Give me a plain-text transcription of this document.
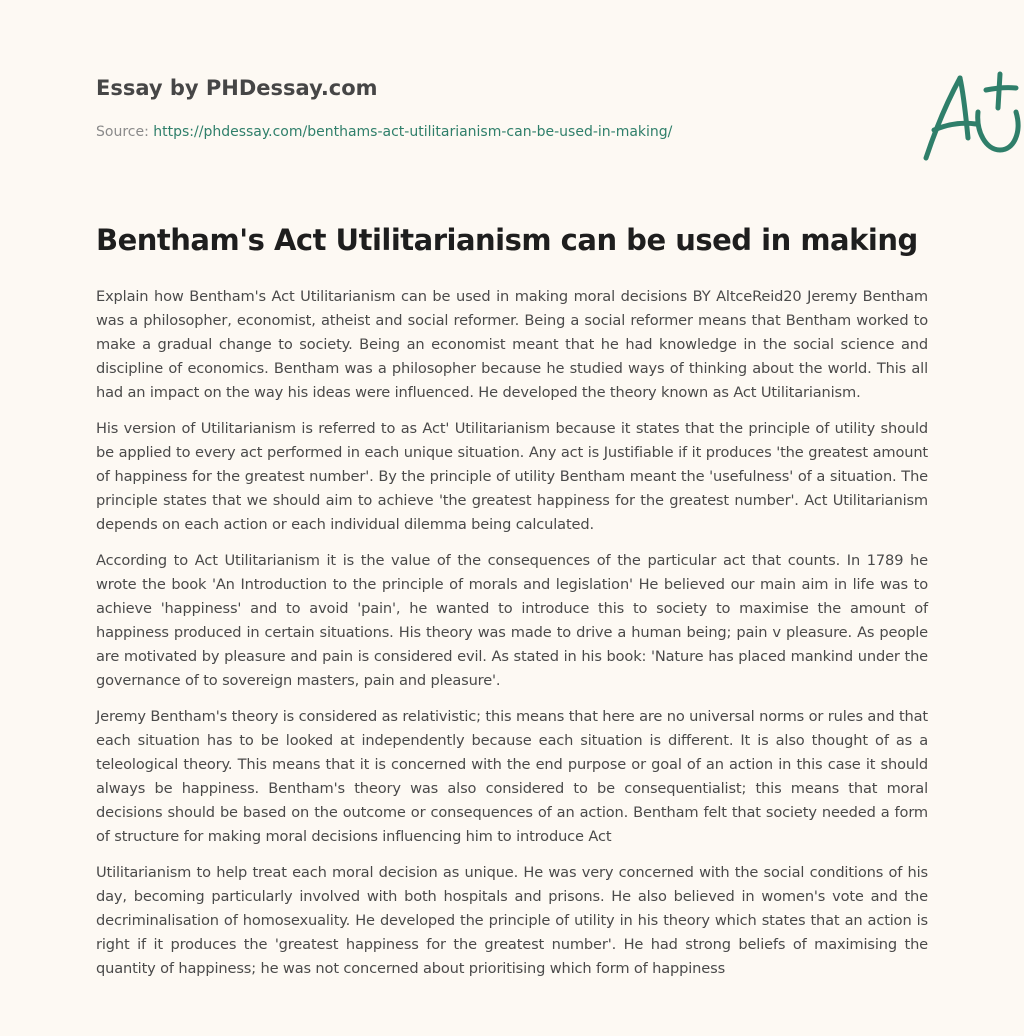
Essay by PHDessay.com
Source: https://phdessay.com/benthams-act-utilitarianism-can-be-used-in-making/
Bentham's Act Utilitarianism can be used in making

Explain how Bentham's Act Utilitarianism can be used in making moral decisions BY AltceReid20 Jeremy Bentham was a philosopher, economist, atheist and social reformer. Being a social reformer means that Bentham worked to make a gradual change to society. Being an economist meant that he had knowledge in the social science and discipline of economics. Bentham was a philosopher because he studied ways of thinking about the world. This all had an impact on the way his ideas were influenced. He developed the theory known as Act Utilitarianism.

His version of Utilitarianism is referred to as Act' Utilitarianism because it states that the principle of utility should be applied to every act performed in each unique situation. Any act is Justifiable if it produces 'the greatest amount of happiness for the greatest number'. By the principle of utility Bentham meant the 'usefulness' of a situation. The principle states that we should aim to achieve 'the greatest happiness for the greatest number'. Act Utilitarianism depends on each action or each individual dilemma being calculated.

According to Act Utilitarianism it is the value of the consequences of the particular act that counts. In 1789 he wrote the book 'An Introduction to the principle of morals and legislation' He believed our main aim in life was to achieve 'happiness' and to avoid 'pain', he wanted to introduce this to society to maximise the amount of happiness produced in certain situations. His theory was made to drive a human being; pain v pleasure. As people are motivated by pleasure and pain is considered evil. As stated in his book: 'Nature has placed mankind under the governance of to sovereign masters, pain and pleasure'.

Jeremy Bentham's theory is considered as relativistic; this means that here are no universal norms or rules and that each situation has to be looked at independently because each situation is different. It is also thought of as a teleological theory. This means that it is concerned with the end purpose or goal of an action in this case it should always be happiness. Bentham's theory was also considered to be consequentialist; this means that moral decisions should be based on the outcome or consequences of an action. Bentham felt that society needed a form of structure for making moral decisions influencing him to introduce Act

Utilitarianism to help treat each moral decision as unique. He was very concerned with the social conditions of his day, becoming particularly involved with both hospitals and prisons. He also believed in women's vote and the decriminalisation of homosexuality. He developed the principle of utility in his theory which states that an action is right if it produces the 'greatest happiness for the greatest number'. He had strong beliefs of maximising the quantity of happiness; he was not concerned about prioritising which form of happiness
